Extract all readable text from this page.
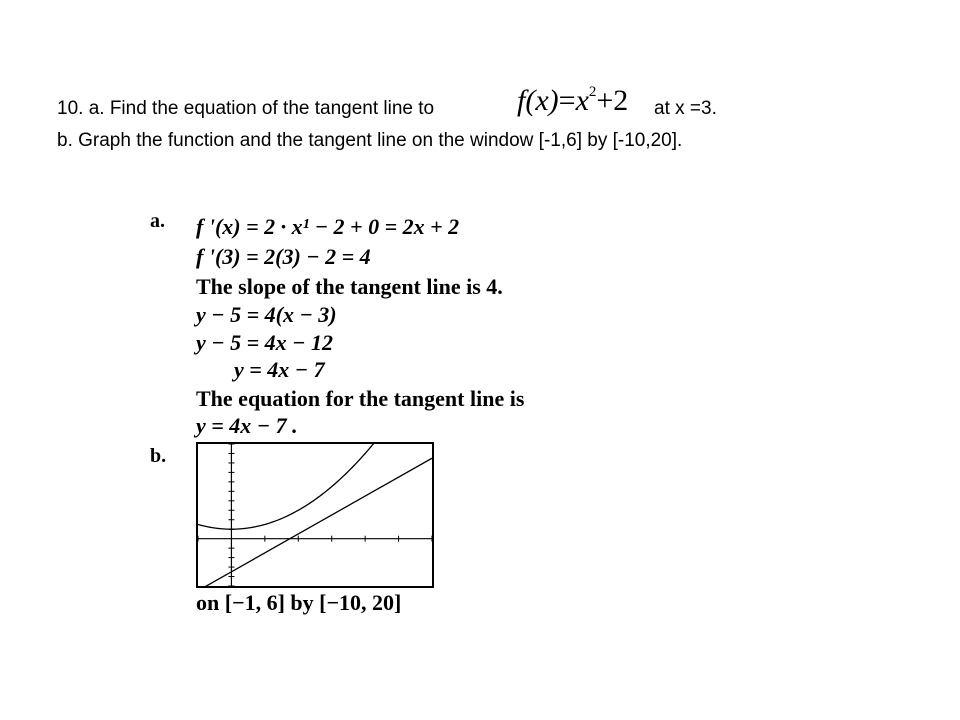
10. a. Find the equation of the tangent line to	$f(x)=x^2+2$ at x =3.
b. Graph the function and the tangent line on the window [-1,6] by [-10,20].
a. f '(x) = 2 · x¹ − 2 + 0 = 2x + 2
f '(3) = 2(3) − 2 = 4
The slope of the tangent line is 4.
y − 5 = 4(x − 3)
y − 5 = 4x − 12
y = 4x − 7
The equation for the tangent line is
y = 4x − 7 .
b.
on [−1, 6] by [−10, 20]
